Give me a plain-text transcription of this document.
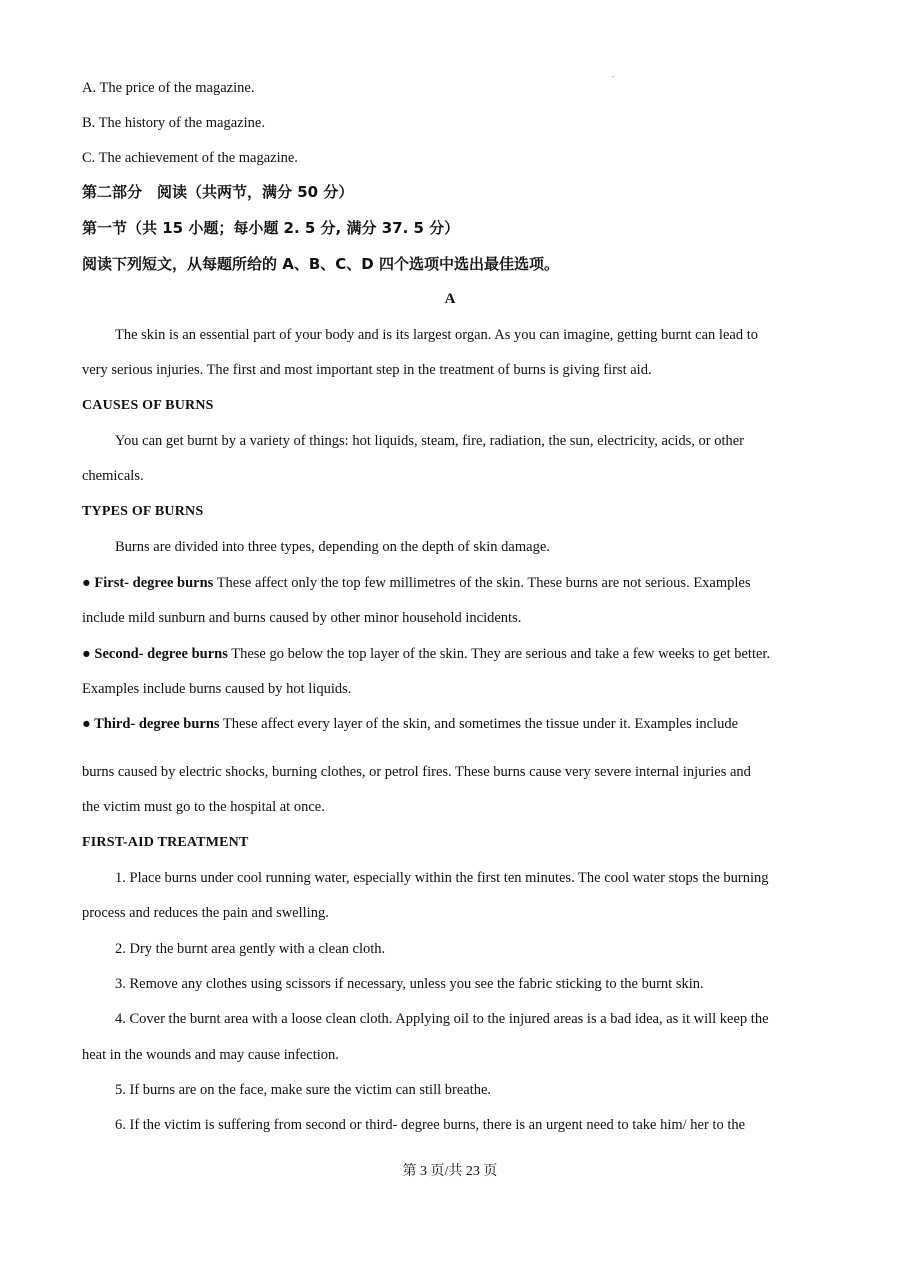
A. The price of the magazine.
B. The history of the magazine.
C. The achievement of the magazine.
第二部分　阅读（共两节，满分 50 分）
第一节（共 15 小题；每小题 2. 5 分, 满分 37. 5 分）
阅读下列短文，从每题所给的 A、B、C、D 四个选项中选出最佳选项。
A
The skin is an essential part of your body and is its largest organ. As you can imagine, getting burnt can lead to
very serious injuries. The first and most important step in the treatment of burns is giving first aid.
CAUSES OF BURNS
You can get burnt by a variety of things: hot liquids, steam, fire, radiation, the sun, electricity, acids, or other
chemicals.
TYPES OF BURNS
Burns are divided into three types, depending on the depth of skin damage.
● First- degree burns These affect only the top few millimetres of the skin. These burns are not serious. Examples
include mild sunburn and burns caused by other minor household incidents.
● Second- degree burns These go below the top layer of the skin. They are serious and take a few weeks to get better.
Examples include burns caused by hot liquids.
● Third- degree burns These affect every layer of the skin, and sometimes the tissue under it. Examples include
burns caused by electric shocks, burning clothes, or petrol fires. These burns cause very severe internal injuries and
the victim must go to the hospital at once.
FIRST-AID TREATMENT
1. Place burns under cool running water, especially within the first ten minutes. The cool water stops the burning
process and reduces the pain and swelling.
2. Dry the burnt area gently with a clean cloth.
3. Remove any clothes using scissors if necessary, unless you see the fabric sticking to the burnt skin.
4. Cover the burnt area with a loose clean cloth. Applying oil to the injured areas is a bad idea, as it will keep the
heat in the wounds and may cause infection.
5. If burns are on the face, make sure the victim can still breathe.
6. If the victim is suffering from second or third- degree burns, there is an urgent need to take him/ her to the
第 3 页/共 23 页
